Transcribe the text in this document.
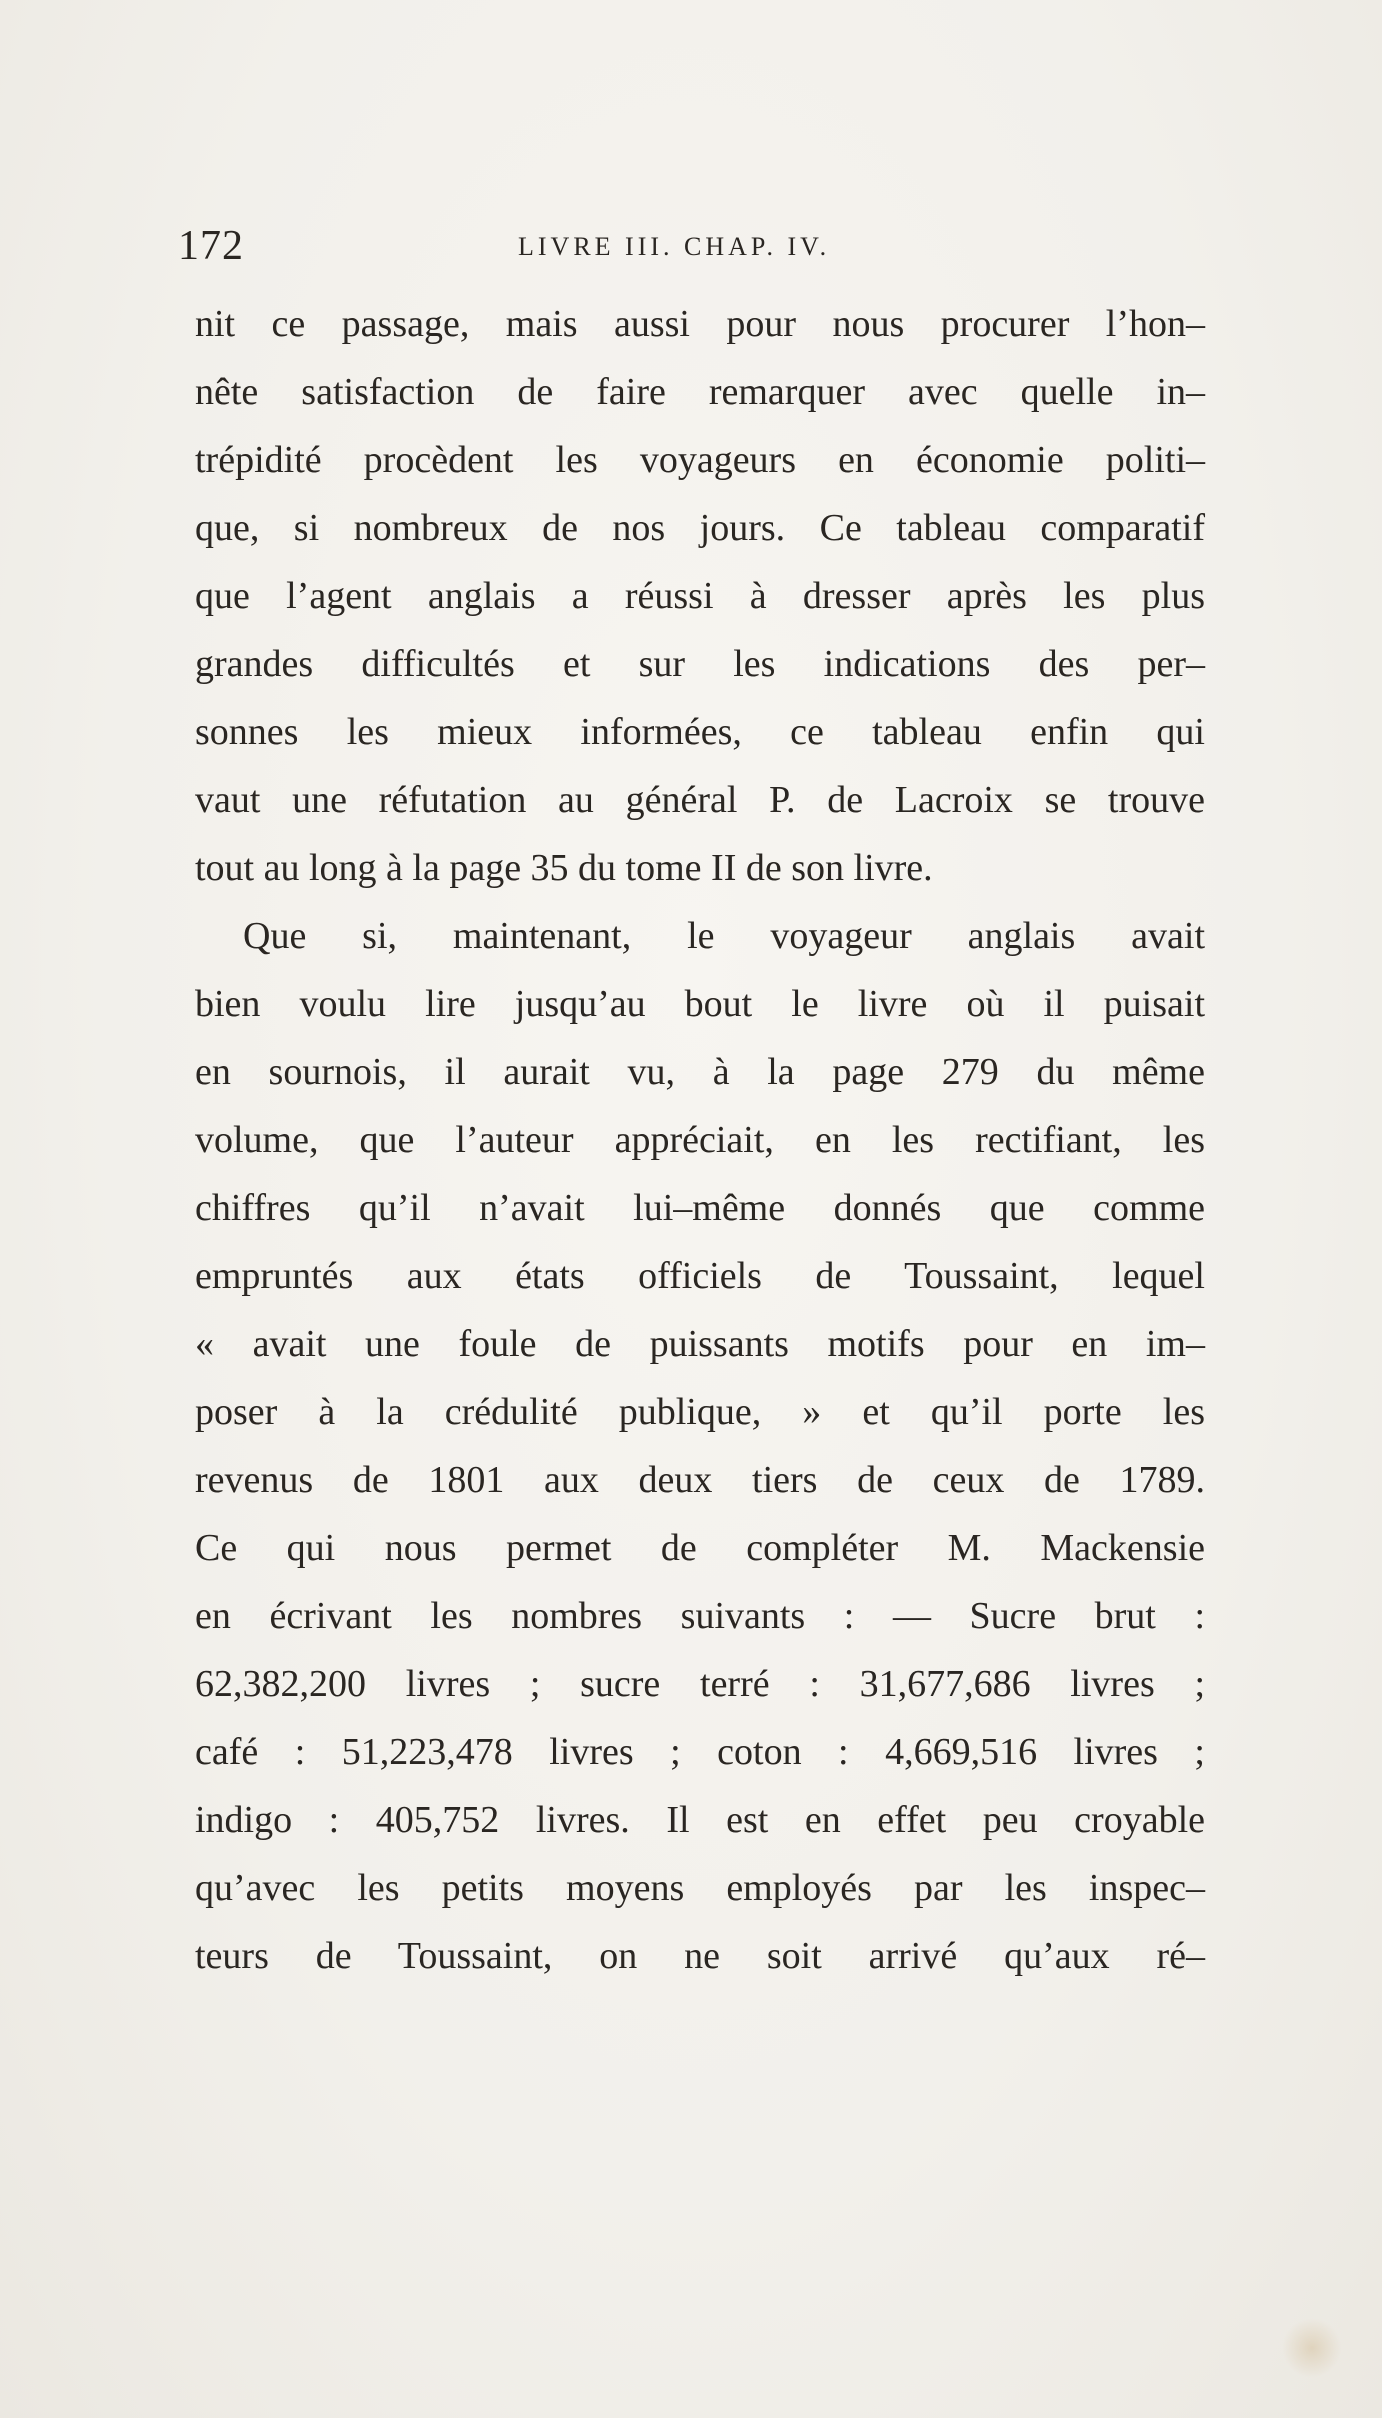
172	LIVRE III. CHAP. IV.
nit ce passage, mais aussi pour nous procurer l’hon–
nête satisfaction de faire remarquer avec quelle in–
trépidité procèdent les voyageurs en économie politi–
que, si nombreux de nos jours. Ce tableau comparatif
que l’agent anglais a réussi à dresser après les plus
grandes difficultés et sur les indications des per–
sonnes les mieux informées, ce tableau enfin qui
vaut une réfutation au général P. de Lacroix se trouve
tout au long à la page 35 du tome II de son livre.
Que si, maintenant, le voyageur anglais avait
bien voulu lire jusqu’au bout le livre où il puisait
en sournois, il aurait vu, à la page 279 du même
volume, que l’auteur appréciait, en les rectifiant, les
chiffres qu’il n’avait lui–même donnés que comme
empruntés aux états officiels de Toussaint, lequel
« avait une foule de puissants motifs pour en im–
poser à la crédulité publique, » et qu’il porte les
revenus de 1801 aux deux tiers de ceux de 1789.
Ce qui nous permet de compléter M. Mackensie
en écrivant les nombres suivants : — Sucre brut :
62,382,200 livres ; sucre terré : 31,677,686 livres ;
café : 51,223,478 livres ; coton : 4,669,516 livres ;
indigo : 405,752 livres. Il est en effet peu croyable
qu’avec les petits moyens employés par les inspec–
teurs de Toussaint, on ne soit arrivé qu’aux ré–
